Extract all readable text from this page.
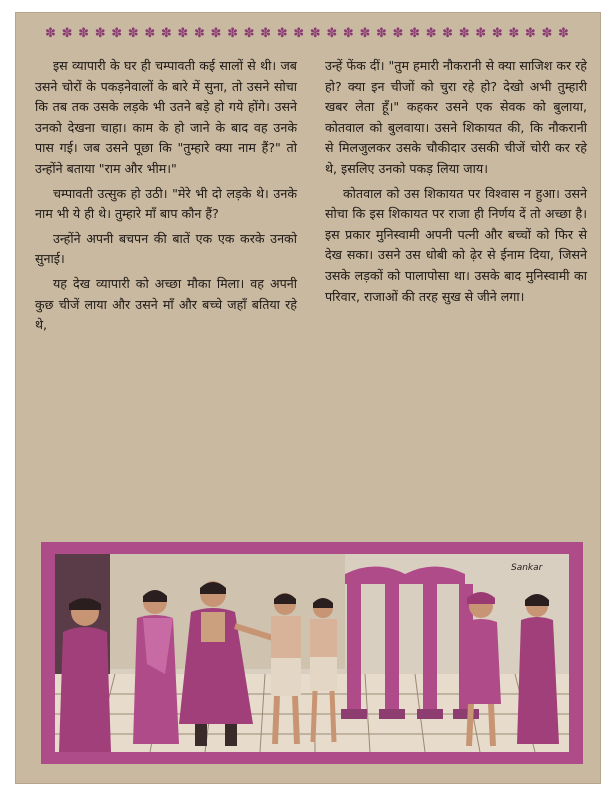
✽ ✽ ✽ ✽ ✽ ✽ ✽ ✽ ✽ ✽ ✽ ✽ ✽ ✽ ✽ ✽ ✽ ✽ ✽ ✽ ✽ ✽ ✽ ✽ ✽ ✽ ✽ ✽ ✽ ✽ ✽ ✽

इस व्यापारी के घर ही चम्पावती कई सालों से थी। जब उसने चोरों के पकड़नेवालों के बारे में सुना, तो उसने सोचा कि तब तक उसके लड़के भी उतने बड़े हो गये होंगे। उसने उनको देखना चाहा। काम के हो जाने के बाद वह उनके पास गई। जब उसने पूछा कि "तुम्हारे क्या नाम हैं?" तो उन्होंने बताया "राम और भीम।"

चम्पावती उत्सुक हो उठी। "मेरे भी दो लड़के थे। उनके नाम भी ये ही थे। तुम्हारे माँ बाप कौन हैं?

उन्होंने अपनी बचपन की बातें एक एक करके उनको सुनाई।

यह देख व्यापारी को अच्छा मौका मिला। वह अपनी कुछ चीजें लाया और उसने माँ और बच्चे जहाँ बतिया रहे थे,

उन्हें फेंक दीं। "तुम हमारी नौकरानी से क्या साजिश कर रहे हो? क्या इन चीजों को चुरा रहे हो? देखो अभी तुम्हारी खबर लेता हूँ।" कहकर उसने एक सेवक को बुलाया, कोतवाल को बुलवाया। उसने शिकायत की, कि नौकरानी से मिलजुलकर उसके चौकीदार उसकी चीजें चोरी कर रहे थे, इसलिए उनको पकड़ लिया जाय।

कोतवाल को उस शिकायत पर विश्वास न हुआ। उसने सोचा कि इस शिकायत पर राजा ही निर्णय दें तो अच्छा है। इस प्रकार मुनिस्वामी अपनी पत्नी और बच्चों को फिर से देख सका। उसने उस धोबी को ढ़ेर से ईनाम दिया, जिसने उसके लड़कों को पालापोसा था। उसके बाद मुनिस्वामी का परिवार, राजाओं की तरह सुख से जीने लगा।

Sankar
